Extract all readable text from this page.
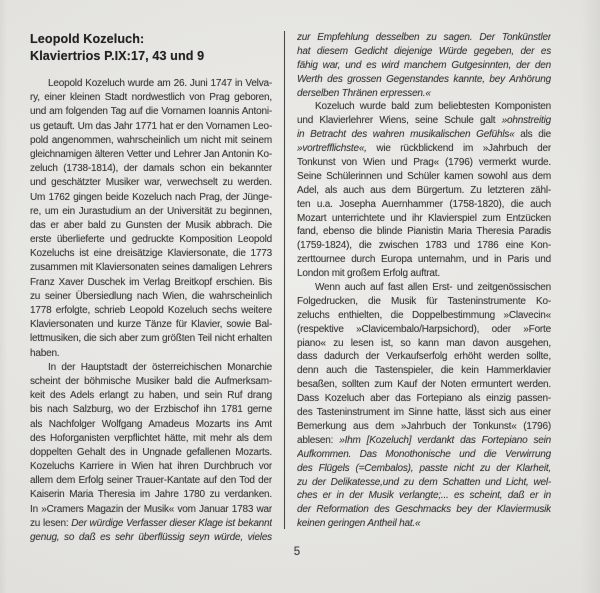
Leopold Kozeluch:
Klaviertrios P.IX:17, 43 und 9
Leopold Kozeluch wurde am 26. Juni 1747 in Velva-
ry, einer kleinen Stadt nordwestlich von Prag geboren,
und am folgenden Tag auf die Vornamen Ioannis Antoni-
us getauft. Um das Jahr 1771 hat er den Vornamen Leo-
pold angenommen, wahrscheinlich um nicht mit seinem
gleichnamigen älteren Vetter und Lehrer Jan Antonin Ko-
zeluch (1738-1814), der damals schon ein bekannter
und geschätzter Musiker war, verwechselt zu werden.
Um 1762 gingen beide Kozeluch nach Prag, der Jünge-
re, um ein Jurastudium an der Universität zu beginnen,
das er aber bald zu Gunsten der Musik abbrach. Die
erste überlieferte und gedruckte Komposition Leopold
Kozeluchs ist eine dreisätzige Klaviersonate, die 1773
zusammen mit Klaviersonaten seines damaligen Lehrers
Franz Xaver Duschek im Verlag Breitkopf erschien. Bis
zu seiner Übersiedlung nach Wien, die wahrscheinlich
1778 erfolgte, schrieb Leopold Kozeluch sechs weitere
Klaviersonaten und kurze Tänze für Klavier, sowie Bal-
lettmusiken, die sich aber zum größten Teil nicht erhalten
haben.
In der Hauptstadt der österreichischen Monarchie
scheint der böhmische Musiker bald die Aufmerksam-
keit des Adels erlangt zu haben, und sein Ruf drang
bis nach Salzburg, wo der Erzbischof ihn 1781 gerne
als Nachfolger Wolfgang Amadeus Mozarts ins Amt
des Hoforganisten verpflichtet hätte, mit mehr als dem
doppelten Gehalt des in Ungnade gefallenen Mozarts.
Kozeluchs Karriere in Wien hat ihren Durchbruch vor
allem dem Erfolg seiner Trauer-Kantate auf den Tod der
Kaiserin Maria Theresia im Jahre 1780 zu verdanken.
In »Cramers Magazin der Musik« vom Januar 1783 war
zu lesen: Der würdige Verfasser dieser Klage ist bekannt
genug, so daß es sehr überflüssig seyn würde, vieles
zur Empfehlung desselben zu sagen. Der Tonkünstler
hat diesem Gedicht diejenige Würde gegeben, der es
fähig war, und es wird manchem Gutgesinnten, der den
Werth des grossen Gegenstandes kannte, bey Anhörung
derselben Thränen erpressen.«
Kozeluch wurde bald zum beliebtesten Komponisten
und Klavierlehrer Wiens, seine Schule galt »ohnstreitig
in Betracht des wahren musikalischen Gefühls« als die
»vortrefflichste«, wie rückblickend im »Jahrbuch der
Tonkunst von Wien und Prag« (1796) vermerkt wurde.
Seine Schülerinnen und Schüler kamen sowohl aus dem
Adel, als auch aus dem Bürgertum. Zu letzteren zähl-
ten u.a. Josepha Auernhammer (1758-1820), die auch
Mozart unterrichtete und ihr Klavierspiel zum Entzücken
fand, ebenso die blinde Pianistin Maria Theresia Paradis
(1759-1824), die zwischen 1783 und 1786 eine Kon-
zerttournee durch Europa unternahm, und in Paris und
London mit großem Erfolg auftrat.
Wenn auch auf fast allen Erst- und zeitgenössischen
Folgedrucken, die Musik für Tasteninstrumente Ko-
zeluchs enthielten, die Doppelbestimmung »Clavecin«
(respektive »Clavicembalo/Harpsichord), oder »Forte
piano« zu lesen ist, so kann man davon ausgehen,
dass dadurch der Verkaufserfolg erhöht werden sollte,
denn auch die Tastenspieler, die kein Hammerklavier
besaßen, sollten zum Kauf der Noten ermuntert werden.
Dass Kozeluch aber das Fortepiano als einzig passen-
des Tasteninstrument im Sinne hatte, lässt sich aus einer
Bemerkung aus dem »Jahrbuch der Tonkunst« (1796)
ablesen: »Ihm [Kozeluch] verdankt das Fortepiano sein
Aufkommen. Das Monothonische und die Verwirrung
des Flügels (=Cembalos), passte nicht zu der Klarheit,
zu der Delikatesse,und zu dem Schatten und Licht, wel-
ches er in der Musik verlangte;... es scheint, daß er in
der Reformation des Geschmacks bey der Klaviermusik
keinen geringen Antheil hat.«
5
